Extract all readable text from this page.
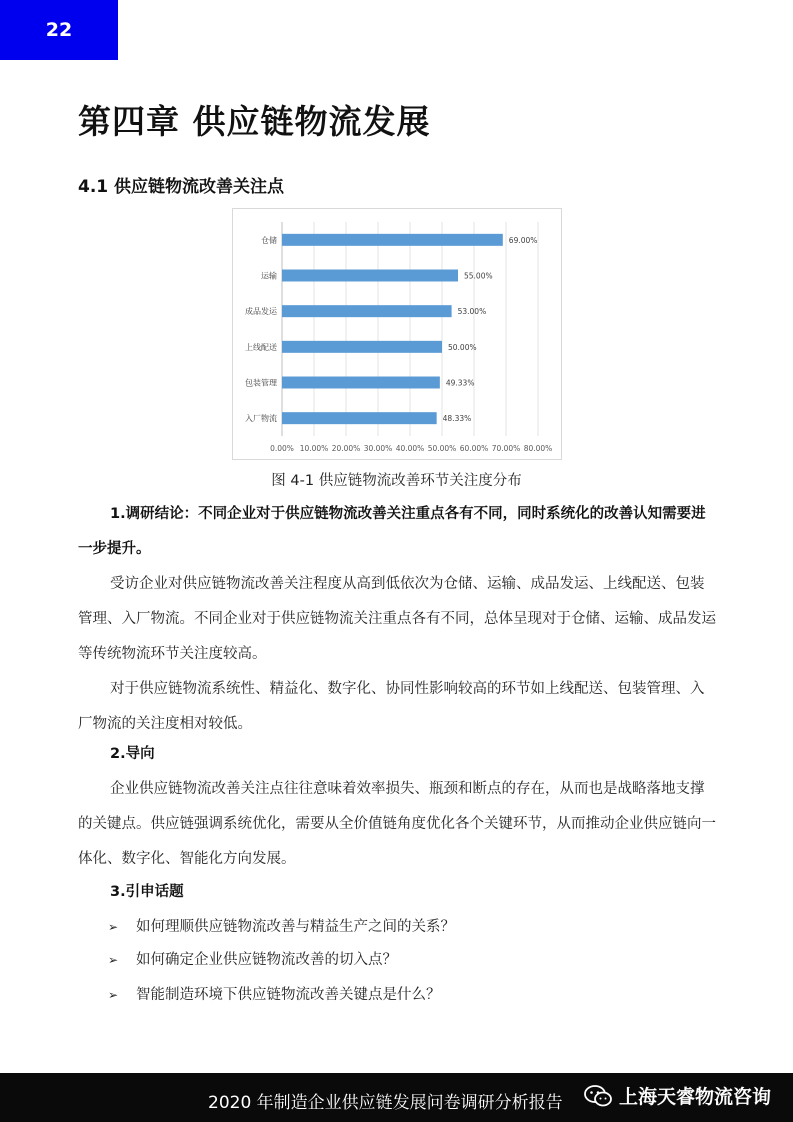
22
第四章 供应链物流发展
4.1 供应链物流改善关注点
0.00% 10.00% 20.00% 30.00% 40.00% 50.00% 60.00% 70.00% 80.00%
仓储	69.00%
运输	55.00%
成品发运	53.00%
上线配送	50.00%
包装管理	49.33%
入厂物流	48.33%
图 4-1 供应链物流改善环节关注度分布

1.调研结论：不同企业对于供应链物流改善关注重点各有不同，同时系统化的改善认知需要进一步提升。

受访企业对供应链物流改善关注程度从高到低依次为仓储、运输、成品发运、上线配送、包装管理、入厂物流。不同企业对于供应链物流关注重点各有不同，总体呈现对于仓储、运输、成品发运等传统物流环节关注度较高。

对于供应链物流系统性、精益化、数字化、协同性影响较高的环节如上线配送、包装管理、入厂物流的关注度相对较低。

2.导向

企业供应链物流改善关注点往往意味着效率损失、瓶颈和断点的存在，从而也是战略落地支撑的关键点。供应链强调系统优化，需要从全价值链角度优化各个关键环节，从而推动企业供应链向一体化、数字化、智能化方向发展。

3.引申话题

➢ 如何理顺供应链物流改善与精益生产之间的关系？
➢ 如何确定企业供应链物流改善的切入点？
➢ 智能制造环境下供应链物流改善关键点是什么？
2020 年制造企业供应链发展问卷调研分析报告	上海天睿物流咨询
